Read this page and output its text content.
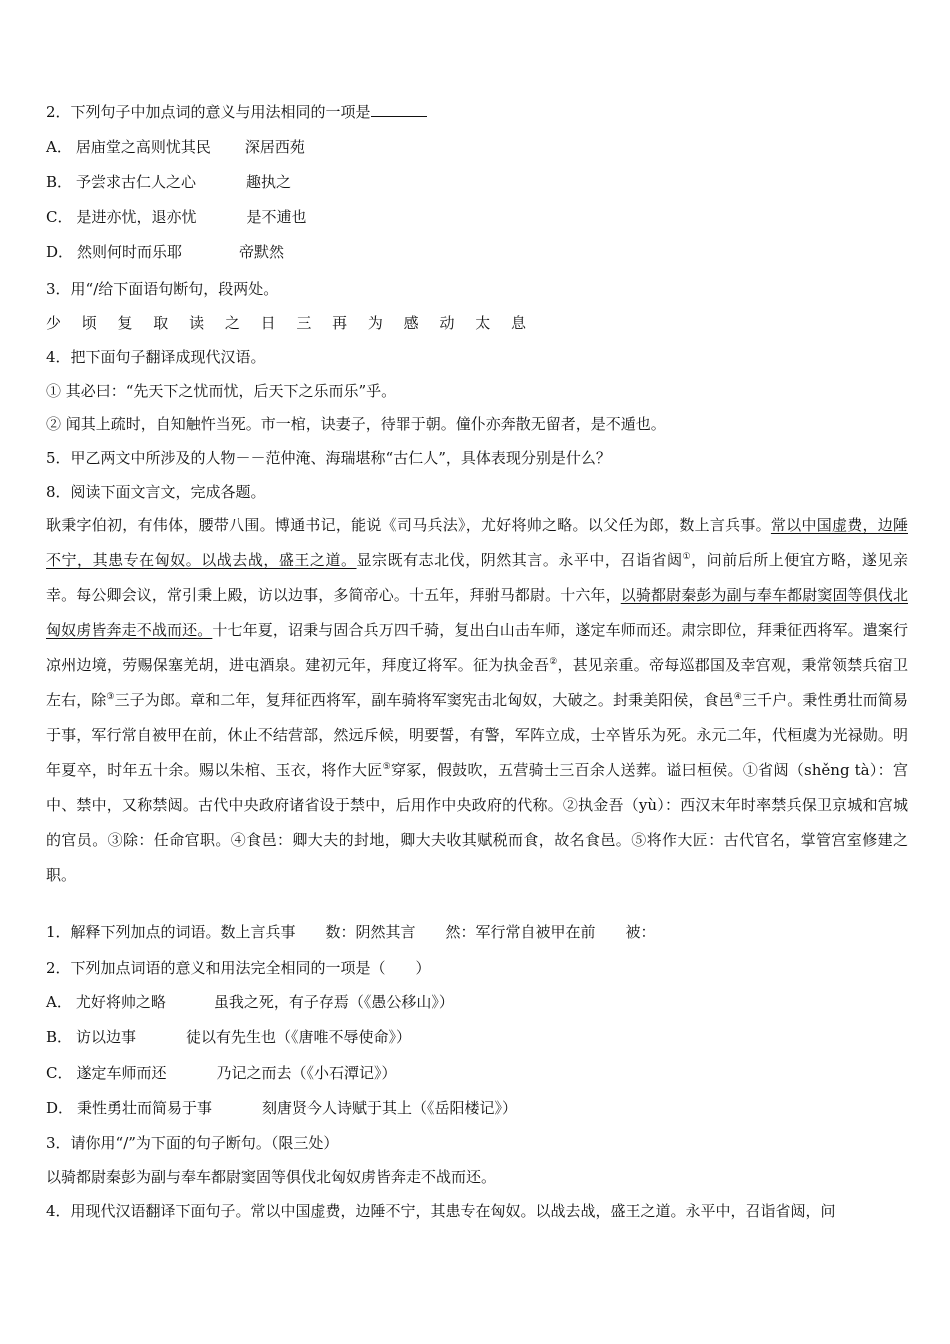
2．下列句子中加点词的意义与用法相同的一项是
A． 居庙堂之高则忧其民 深居西苑
B． 予尝求古仁人之心	趣执之
C． 是进亦忧，退亦忧	是不逋也
D． 然则何时而乐耶	帝默然
3．用“/给下面语句断句，段两处。
少 顷 复 取 读 之 日 三 再 为 感 动 太 息
4．把下面句子翻译成现代汉语。
① 其必曰：“先天下之忧而忧，后天下之乐而乐”乎。
② 闻其上疏时，自知触忤当死。市一棺，诀妻子，待罪于朝。僮仆亦奔散无留者，是不遁也。
5．甲乙两文中所涉及的人物－－范仲淹、海瑞堪称“古仁人”，具体表现分别是什么？
8．阅读下面文言文，完成各题。
耿秉字伯初，有伟体，腰带八围。博通书记，能说《司马兵法》，尤好将帅之略。以父任为郎，数上言兵事。常以中国虚费，边陲不宁，其患专在匈奴。以战去战，盛王之道。显宗既有志北伐，阴然其言。永平中，召诣省闼①，问前后所上便宜方略，遂见亲幸。每公卿会议，常引秉上殿，访以边事，多简帝心。十五年，拜驸马都尉。十六年，以骑都尉秦彭为副与奉车都尉窦固等俱伐北匈奴虏皆奔走不战而还。十七年夏，诏秉与固合兵万四千骑，复出白山击车师，遂定车师而还。肃宗即位，拜秉征西将军。遣案行凉州边境，劳赐保塞羌胡，进屯酒泉。建初元年，拜度辽将军。征为执金吾②，甚见亲重。帝每巡郡国及幸宫观，秉常领禁兵宿卫左右，除③三子为郎。章和二年，复拜征西将军，副车骑将军窦宪击北匈奴，大破之。封秉美阳侯，食邑④三千户。秉性勇壮而简易于事，军行常自被甲在前，休止不结营部，然远斥候，明要誓，有警，军阵立成，士卒皆乐为死。永元二年，代桓虞为光禄勋。明年夏卒，时年五十余。赐以朱棺、玉衣，将作大匠⑤穿冢，假鼓吹，五营骑士三百余人送葬。谥曰桓侯。①省闼（shěng tà）：宫中、禁中，又称禁闼。古代中央政府诸省设于禁中，后用作中央政府的代称。②执金吾（yù）：西汉末年时率禁兵保卫京城和宫城的官员。③除：任命官职。④食邑：卿大夫的封地，卿大夫收其赋税而食，故名食邑。⑤将作大匠：古代官名，掌管宫室修建之职。
1．解释下列加点的词语。数上言兵事　　数：阴然其言　　然：军行常自被甲在前　　被：
2．下列加点词语的意义和用法完全相同的一项是（　　）
A． 尤好将帅之略	虽我之死，有子存焉（《愚公移山》）
B． 访以边事	徒以有先生也（《唐唯不辱使命》）
C． 遂定车师而还	乃记之而去（《小石潭记》）
D． 秉性勇壮而简易于事	刻唐贤今人诗赋于其上（《岳阳楼记》）
3．请你用“/”为下面的句子断句。（限三处）
以骑都尉秦彭为副与奉车都尉窦固等俱伐北匈奴虏皆奔走不战而还。
4．用现代汉语翻译下面句子。常以中国虚费，边陲不宁，其患专在匈奴。以战去战，盛王之道。永平中，召诣省闼，问
